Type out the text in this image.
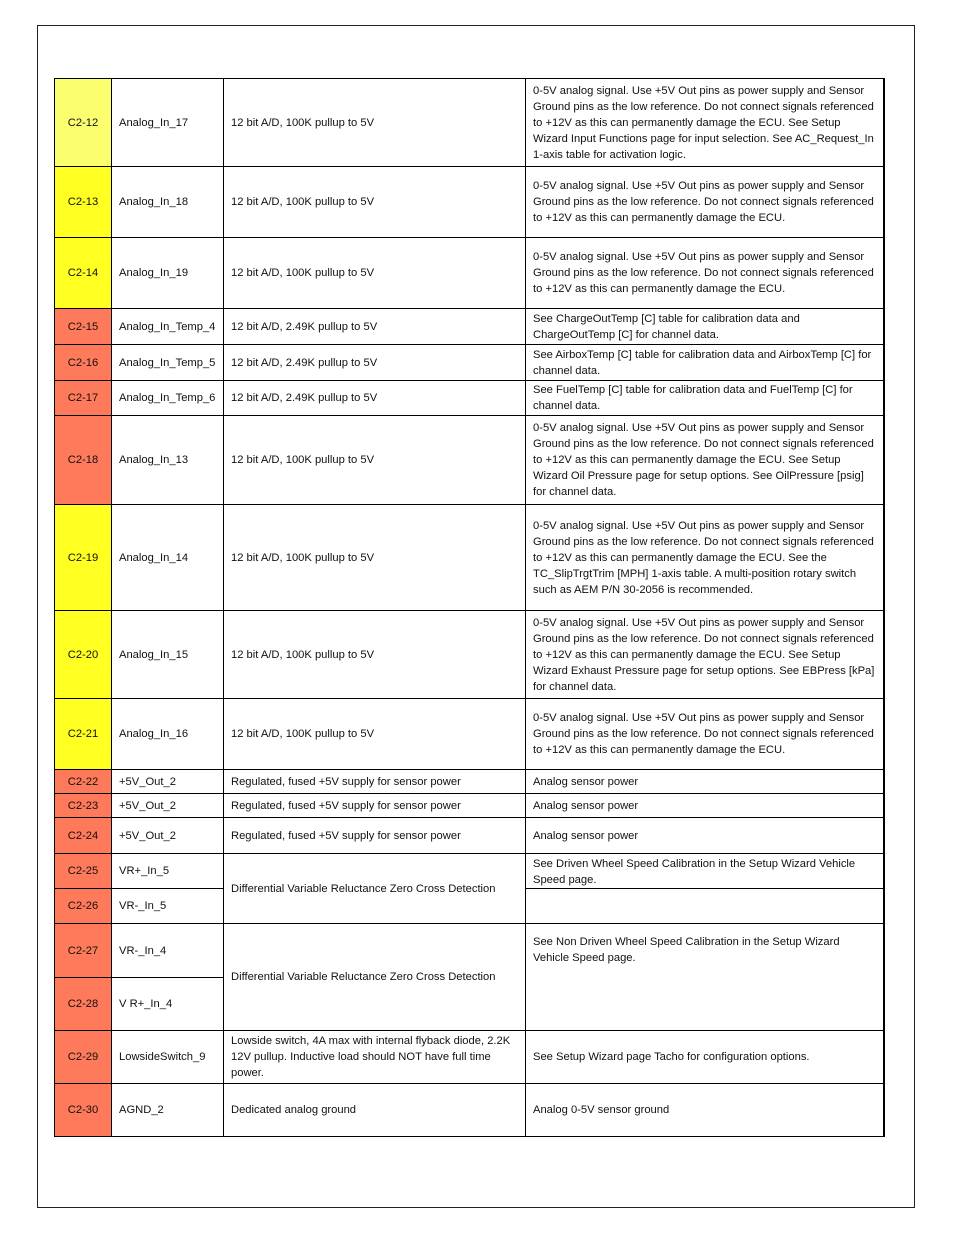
C2-12	Analog_In_17	12 bit A/D, 100K pullup to 5V	0-5V analog signal. Use +5V Out pins as power supply and Sensor Ground pins as the low reference. Do not connect signals referenced to +12V as this can permanently damage the ECU. See Setup Wizard Input Functions page for input selection. See AC_Request_In 1-axis table for activation logic.
C2-13	Analog_In_18	12 bit A/D, 100K pullup to 5V	0-5V analog signal. Use +5V Out pins as power supply and Sensor Ground pins as the low reference. Do not connect signals referenced to +12V as this can permanently damage the ECU.
C2-14	Analog_In_19	12 bit A/D, 100K pullup to 5V	0-5V analog signal. Use +5V Out pins as power supply and Sensor Ground pins as the low reference. Do not connect signals referenced to +12V as this can permanently damage the ECU.
C2-15	Analog_In_Temp_4	12 bit A/D, 2.49K pullup to 5V	See ChargeOutTemp [C] table for calibration data and ChargeOutTemp [C] for channel data.
C2-16	Analog_In_Temp_5	12 bit A/D, 2.49K pullup to 5V	See AirboxTemp [C] table for calibration data and AirboxTemp [C] for channel data.
C2-17	Analog_In_Temp_6	12 bit A/D, 2.49K pullup to 5V	See FuelTemp [C] table for calibration data and FuelTemp [C] for channel data.
C2-18	Analog_In_13	12 bit A/D, 100K pullup to 5V	0-5V analog signal. Use +5V Out pins as power supply and Sensor Ground pins as the low reference. Do not connect signals referenced to +12V as this can permanently damage the ECU. See Setup Wizard Oil Pressure page for setup options. See OilPressure [psig] for channel data.
C2-19	Analog_In_14	12 bit A/D, 100K pullup to 5V	0-5V analog signal. Use +5V Out pins as power supply and Sensor Ground pins as the low reference. Do not connect signals referenced to +12V as this can permanently damage the ECU. See the TC_SlipTrgtTrim [MPH] 1-axis table. A multi-position rotary switch such as AEM P/N 30-2056 is recommended.
C2-20	Analog_In_15	12 bit A/D, 100K pullup to 5V	0-5V analog signal. Use +5V Out pins as power supply and Sensor Ground pins as the low reference. Do not connect signals referenced to +12V as this can permanently damage the ECU. See Setup Wizard Exhaust Pressure page for setup options. See EBPress [kPa] for channel data.
C2-21	Analog_In_16	12 bit A/D, 100K pullup to 5V	0-5V analog signal. Use +5V Out pins as power supply and Sensor Ground pins as the low reference. Do not connect signals referenced to +12V as this can permanently damage the ECU.
C2-22	+5V_Out_2	Regulated, fused +5V supply for sensor power	Analog sensor power
C2-23	+5V_Out_2	Regulated, fused +5V supply for sensor power	Analog sensor power
C2-24	+5V_Out_2	Regulated, fused +5V supply for sensor power	Analog sensor power
C2-25	VR+_In_5	Differential Variable Reluctance Zero Cross Detection	See Driven Wheel Speed Calibration in the Setup Wizard Vehicle Speed page.
C2-26	VR-_In_5		
C2-27	VR-_In_4	Differential Variable Reluctance Zero Cross Detection	See Non Driven Wheel Speed Calibration in the Setup Wizard Vehicle Speed page.
C2-28	V R+_In_4		
C2-29	LowsideSwitch_9	Lowside switch, 4A max with internal flyback diode, 2.2K 12V pullup. Inductive load should NOT have full time power.	See Setup Wizard page Tacho for configuration options.
C2-30	AGND_2	Dedicated analog ground	Analog 0-5V sensor ground
